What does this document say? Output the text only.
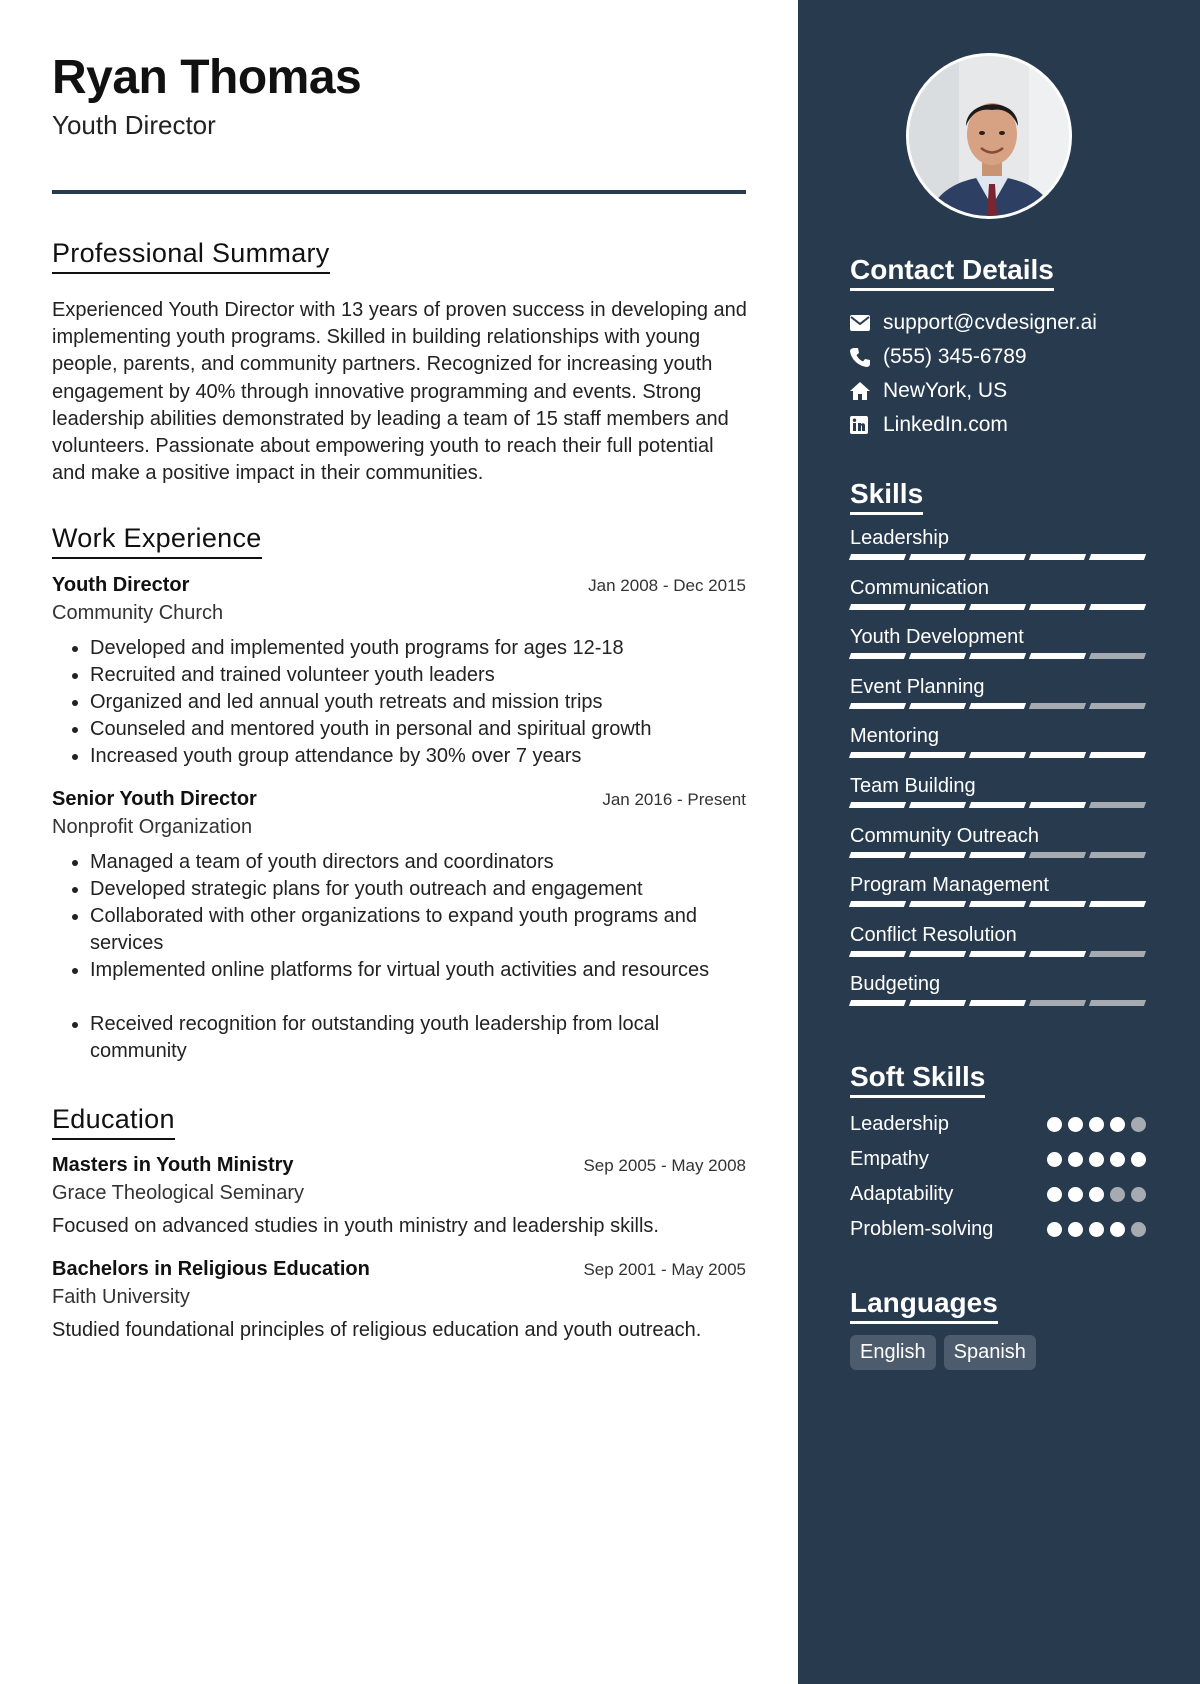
Ryan Thomas
Youth Director
Professional Summary
Experienced Youth Director with 13 years of proven success in developing and implementing youth programs. Skilled in building relationships with young people, parents, and community partners. Recognized for increasing youth engagement by 40% through innovative programming and events. Strong leadership abilities demonstrated by leading a team of 15 staff members and volunteers. Passionate about empowering youth to reach their full potential and make a positive impact in their communities.
Work Experience
Youth Director	Jan 2008 - Dec 2015
Community Church
• Developed and implemented youth programs for ages 12-18
• Recruited and trained volunteer youth leaders
• Organized and led annual youth retreats and mission trips
• Counseled and mentored youth in personal and spiritual growth
• Increased youth group attendance by 30% over 7 years
Senior Youth Director	Jan 2016 - Present
Nonprofit Organization
• Managed a team of youth directors and coordinators
• Developed strategic plans for youth outreach and engagement
• Collaborated with other organizations to expand youth programs and services
• Implemented online platforms for virtual youth activities and resources
• Received recognition for outstanding youth leadership from local community
Education
Masters in Youth Ministry	Sep 2005 - May 2008
Grace Theological Seminary
Focused on advanced studies in youth ministry and leadership skills.
Bachelors in Religious Education	Sep 2001 - May 2005
Faith University
Studied foundational principles of religious education and youth outreach.
Contact Details
support@cvdesigner.ai
(555) 345-6789
NewYork, US
LinkedIn.com
Skills
Leadership
Communication
Youth Development
Event Planning
Mentoring
Team Building
Community Outreach
Program Management
Conflict Resolution
Budgeting
Soft Skills
Leadership
Empathy
Adaptability
Problem-solving
Languages
English	Spanish
